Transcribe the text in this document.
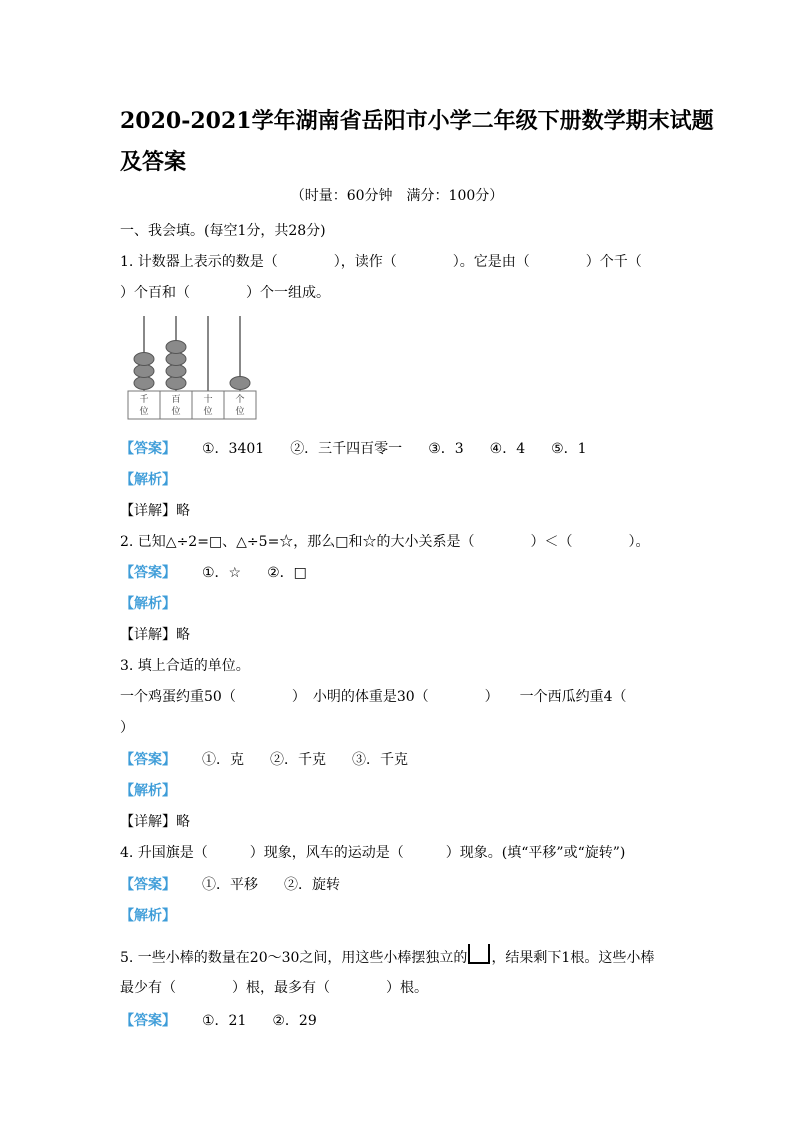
2020-2021学年湖南省岳阳市小学二年级下册数学期末试题
及答案
（时量：60分钟　满分：100分）
一、我会填。(每空1分，共28分)
1. 计数器上表示的数是（　　　　），读作（　　　　）。它是由（　　　　）个千（
）个百和（　　　　）个一组成。
千
位
百
位
十
位
个
位
【答案】 ①．3401 ②．三千四百零一 ③．3 ④．4 ⑤．1
【解析】
【详解】略
2. 已知△÷2=□、△÷5=☆，那么□和☆的大小关系是（　　　　）＜（　　　　）。
【答案】 ①．☆ ②．□
【解析】
【详解】略
3. 填上合适的单位。
一个鸡蛋约重50（　　　　）　小明的体重是30（　　　　）　　一个西瓜约重4（
）
【答案】 ①．克 ②．千克 ③．千克
【解析】
【详解】略
4. 升国旗是（　　　）现象，风车的运动是（　　　）现象。(填“平移”或“旋转”)
【答案】 ①．平移 ②．旋转
【解析】
5. 一些小棒的数量在20～30之间，用这些小棒摆独立的 ，结果剩下1根。这些小棒
最少有（　　　　）根，最多有（　　　　）根。
【答案】 ①．21 ②．29
